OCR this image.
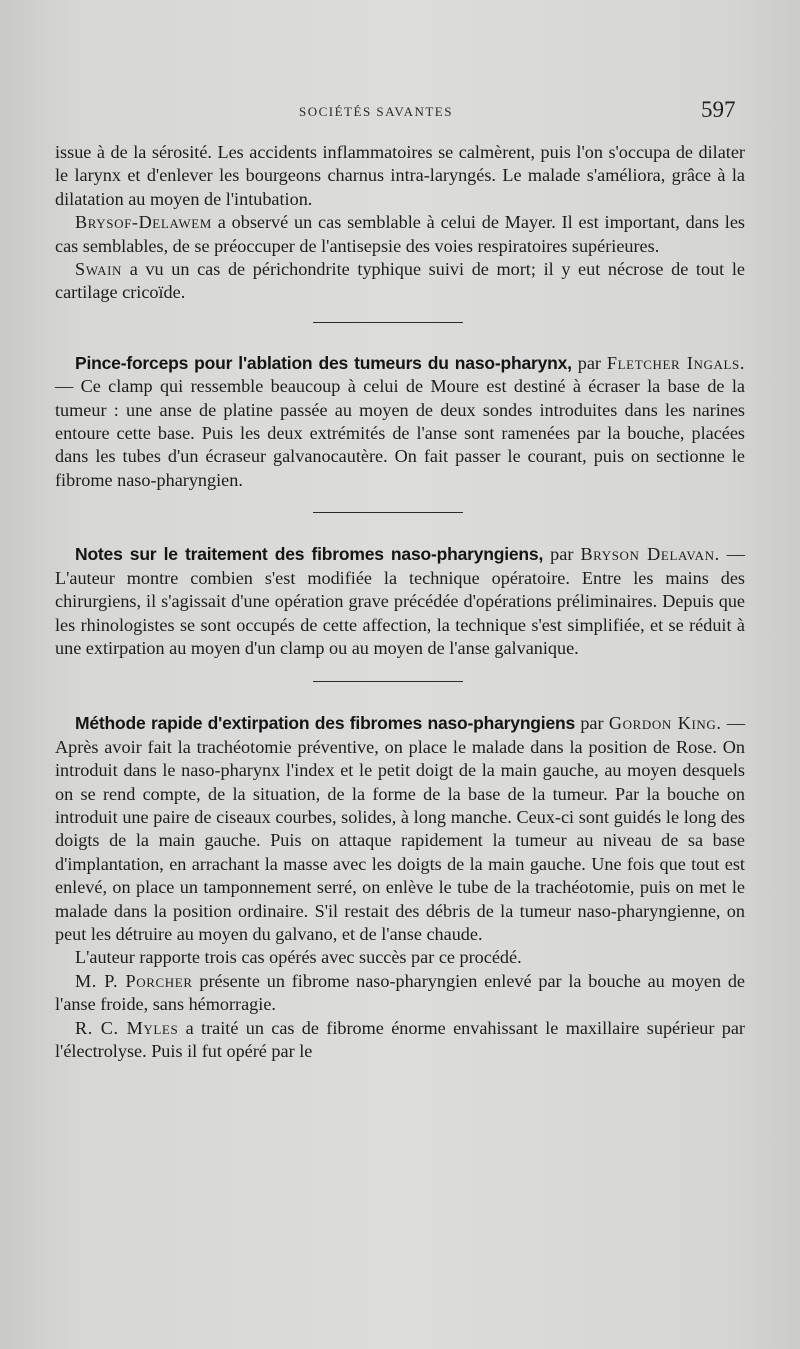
SOCIÉTÉS SAVANTES	597

issue à de la sérosité. Les accidents inflammatoires se calmèrent, puis l'on s'occupa de dilater le larynx et d'enlever les bourgeons charnus intra-laryngés. Le malade s'améliora, grâce à la dilatation au moyen de l'intubation.

Brysof-Delawem a observé un cas semblable à celui de Mayer. Il est important, dans les cas semblables, de se préoccuper de l'antisepsie des voies respiratoires supérieures.

Swain a vu un cas de périchondrite typhique suivi de mort; il y eut nécrose de tout le cartilage cricoïde.

Pince-forceps pour l'ablation des tumeurs du naso-pharynx, par Fletcher Ingals. — Ce clamp qui ressemble beaucoup à celui de Moure est destiné à écraser la base de la tumeur : une anse de platine passée au moyen de deux sondes introduites dans les narines entoure cette base. Puis les deux extrémités de l'anse sont ramenées par la bouche, placées dans les tubes d'un écraseur galvanocautère. On fait passer le courant, puis on sectionne le fibrome naso-pharyngien.

Notes sur le traitement des fibromes naso-pharyngiens, par Bryson Delavan. — L'auteur montre combien s'est modifiée la technique opératoire. Entre les mains des chirurgiens, il s'agissait d'une opération grave précédée d'opérations préliminaires. Depuis que les rhinologistes se sont occupés de cette affection, la technique s'est simplifiée, et se réduit à une extirpation au moyen d'un clamp ou au moyen de l'anse galvanique.

Méthode rapide d'extirpation des fibromes naso-pharyngiens par Gordon King. — Après avoir fait la trachéotomie préventive, on place le malade dans la position de Rose. On introduit dans le naso-pharynx l'index et le petit doigt de la main gauche, au moyen desquels on se rend compte, de la situation, de la forme de la base de la tumeur. Par la bouche on introduit une paire de ciseaux courbes, solides, à long manche. Ceux-ci sont guidés le long des doigts de la main gauche. Puis on attaque rapidement la tumeur au niveau de sa base d'implantation, en arrachant la masse avec les doigts de la main gauche. Une fois que tout est enlevé, on place un tamponnement serré, on enlève le tube de la trachéotomie, puis on met le malade dans la position ordinaire. S'il restait des débris de la tumeur naso-pharyngienne, on peut les détruire au moyen du galvano, et de l'anse chaude.

L'auteur rapporte trois cas opérés avec succès par ce procédé.

M. P. Porcher présente un fibrome naso-pharyngien enlevé par la bouche au moyen de l'anse froide, sans hémorragie.

R. C. Myles a traité un cas de fibrome énorme envahissant le maxillaire supérieur par l'électrolyse. Puis il fut opéré par le
